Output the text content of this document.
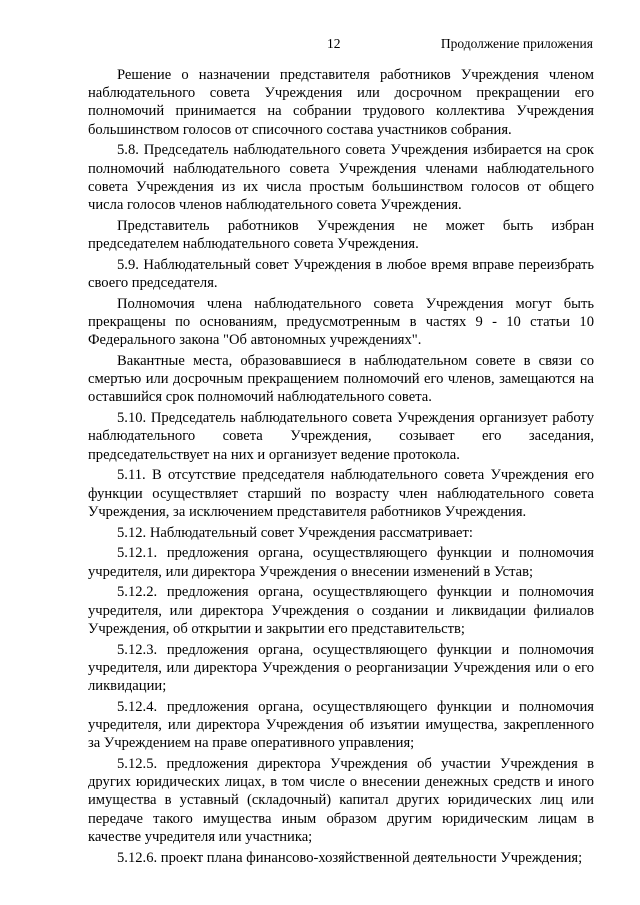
12	Продолжение приложения

Решение о назначении представителя работников Учреждения членом наблюдательного совета Учреждения или досрочном прекращении его полномочий принимается на собрании трудового коллектива Учреждения большинством голосов от списочного состава участников собрания.

5.8. Председатель наблюдательного совета Учреждения избирается на срок полномочий наблюдательного совета Учреждения членами наблюдательного совета Учреждения из их числа простым большинством голосов от общего числа голосов членов наблюдательного совета Учреждения.

Представитель работников Учреждения не может быть избран председателем наблюдательного совета Учреждения.

5.9. Наблюдательный совет Учреждения в любое время вправе переизбрать своего председателя.

Полномочия члена наблюдательного совета Учреждения могут быть прекращены по основаниям, предусмотренным в частях 9 - 10 статьи 10 Федерального закона "Об автономных учреждениях".

Вакантные места, образовавшиеся в наблюдательном совете в связи со смертью или досрочным прекращением полномочий его членов, замещаются на оставшийся срок полномочий наблюдательного совета.

5.10. Председатель наблюдательного совета Учреждения организует работу наблюдательного совета Учреждения, созывает его заседания, председательствует на них и организует ведение протокола.

5.11. В отсутствие председателя наблюдательного совета Учреждения его функции осуществляет старший по возрасту член наблюдательного совета Учреждения, за исключением представителя работников Учреждения.

5.12. Наблюдательный совет Учреждения рассматривает:

5.12.1. предложения органа, осуществляющего функции и полномочия учредителя, или директора Учреждения о внесении изменений в Устав;

5.12.2. предложения органа, осуществляющего функции и полномочия учредителя, или директора Учреждения о создании и ликвидации филиалов Учреждения, об открытии и закрытии его представительств;

5.12.3. предложения органа, осуществляющего функции и полномочия учредителя, или директора Учреждения о реорганизации Учреждения или о его ликвидации;

5.12.4. предложения органа, осуществляющего функции и полномочия учредителя, или директора Учреждения об изъятии имущества, закрепленного за Учреждением на праве оперативного управления;

5.12.5. предложения директора Учреждения об участии Учреждения в других юридических лицах, в том числе о внесении денежных средств и иного имущества в уставный (складочный) капитал других юридических лиц или передаче такого имущества иным образом другим юридическим лицам в качестве учредителя или участника;

5.12.6. проект плана финансово-хозяйственной деятельности Учреждения;
